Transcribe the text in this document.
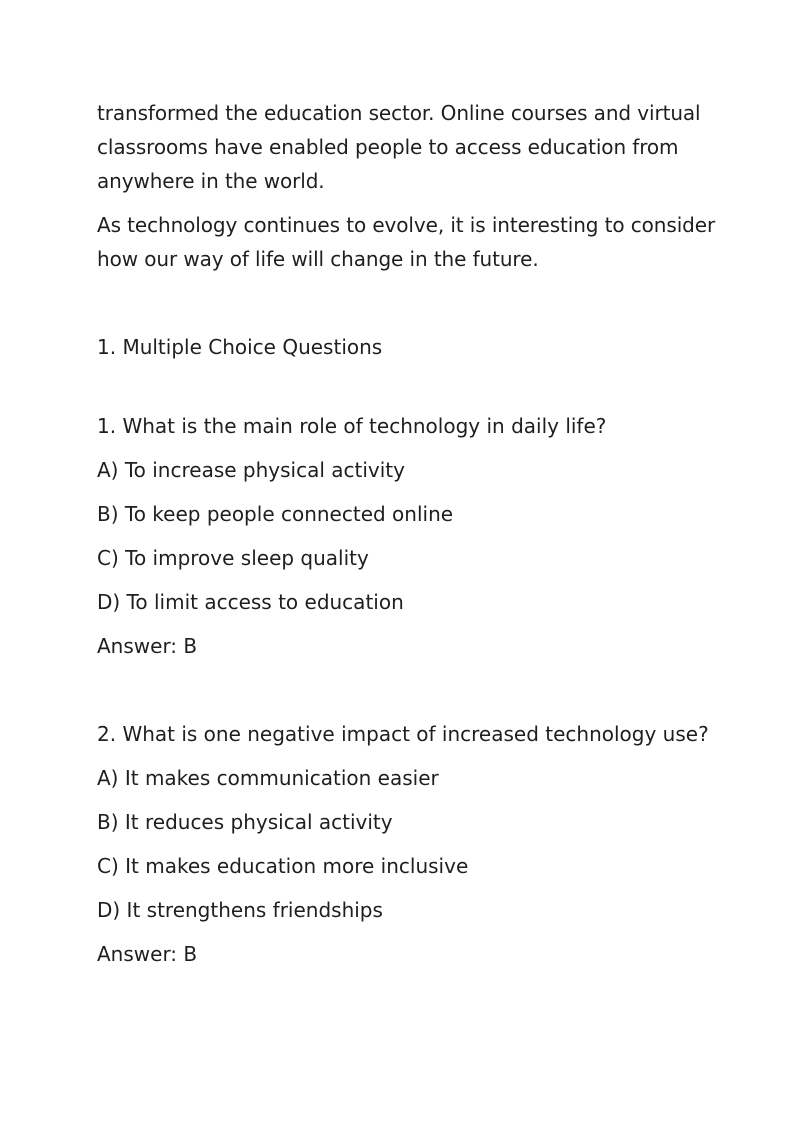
transformed the education sector. Online courses and virtual classrooms have enabled people to access education from anywhere in the world.

As technology continues to evolve, it is interesting to consider how our way of life will change in the future.

1. Multiple Choice Questions

1. What is the main role of technology in daily life?

A) To increase physical activity

B) To keep people connected online

C) To improve sleep quality

D) To limit access to education

Answer: B

2. What is one negative impact of increased technology use?

A) It makes communication easier

B) It reduces physical activity

C) It makes education more inclusive

D) It strengthens friendships

Answer: B
